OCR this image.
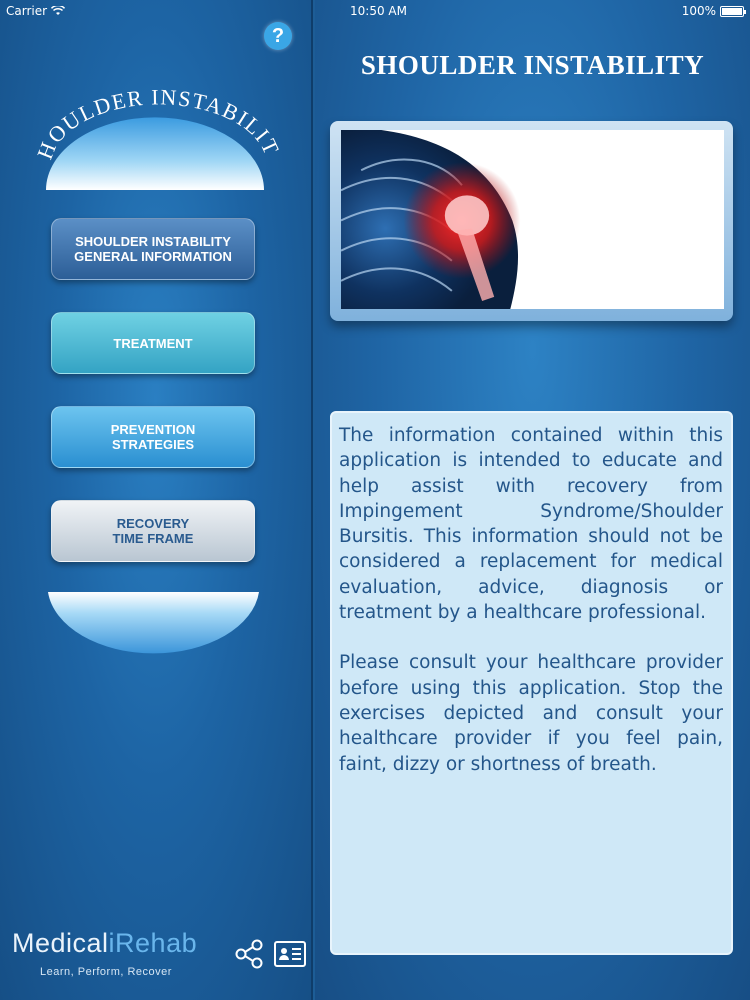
Carrier	10:50 AM	100%
?
HOULDER INSTABILI
SHOULDER INSTABILITY
GENERAL INFORMATION
TREATMENT
PREVENTION
STRATEGIES
RECOVERY
TIME FRAME
MedicaliRehab
Learn, Perform, Recover
SHOULDER INSTABILITY

The information contained within this application is intended to educate and help assist with recovery from Impingement Syndrome/Shoulder Bursitis. This information should not be considered a replacement for medical evaluation, advice, diagnosis or treatment by a healthcare professional.

Please consult your healthcare provider before using this application. Stop the exercises depicted and consult your healthcare provider if you feel pain, faint, dizzy or shortness of breath.
